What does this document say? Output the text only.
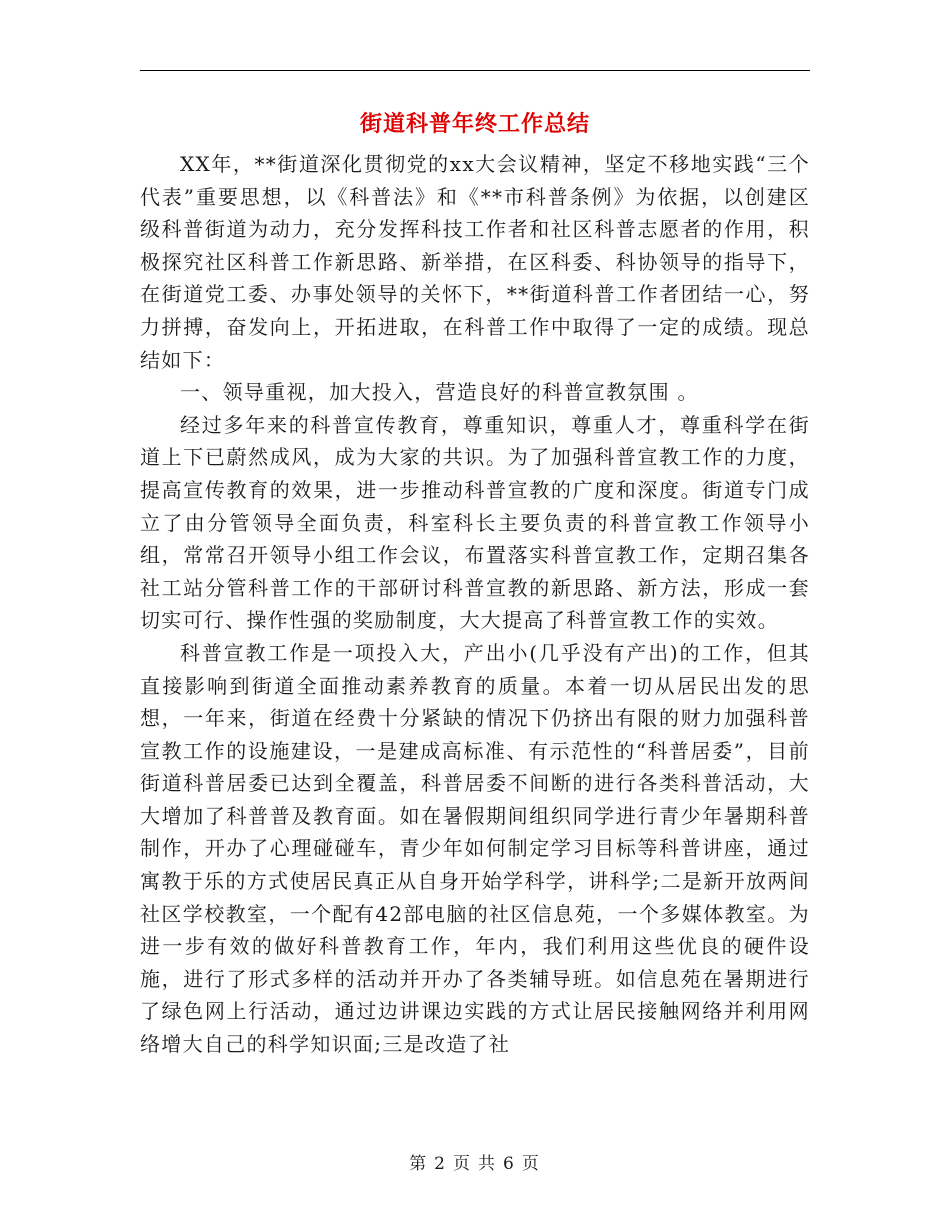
街道科普年终工作总结

XX年，**街道深化贯彻党的xx大会议精神，坚定不移地实践“三个代表”重要思想，以《科普法》和《**市科普条例》为依据，以创建区级科普街道为动力，充分发挥科技工作者和社区科普志愿者的作用，积极探究社区科普工作新思路、新举措，在区科委、科协领导的指导下，在街道党工委、办事处领导的关怀下，**街道科普工作者团结一心，努力拼搏，奋发向上，开拓进取，在科普工作中取得了一定的成绩。现总结如下：

一、领导重视，加大投入，营造良好的科普宣教氛围 。

经过多年来的科普宣传教育，尊重知识，尊重人才，尊重科学在街道上下已蔚然成风，成为大家的共识。为了加强科普宣教工作的力度，提高宣传教育的效果，进一步推动科普宣教的广度和深度。街道专门成立了由分管领导全面负责，科室科长主要负责的科普宣教工作领导小组，常常召开领导小组工作会议，布置落实科普宣教工作，定期召集各社工站分管科普工作的干部研讨科普宣教的新思路、新方法，形成一套切实可行、操作性强的奖励制度，大大提高了科普宣教工作的实效。

科普宣教工作是一项投入大，产出小(几乎没有产出)的工作，但其直接影响到街道全面推动素养教育的质量。本着一切从居民出发的思想，一年来，街道在经费十分紧缺的情况下仍挤出有限的财力加强科普宣教工作的设施建设，一是建成高标准、有示范性的“科普居委”，目前街道科普居委已达到全覆盖，科普居委不间断的进行各类科普活动，大大增加了科普普及教育面。如在暑假期间组织同学进行青少年暑期科普制作，开办了心理碰碰车，青少年如何制定学习目标等科普讲座，通过寓教于乐的方式使居民真正从自身开始学科学，讲科学;二是新开放两间社区学校教室，一个配有42部电脑的社区信息苑，一个多媒体教室。为进一步有效的做好科普教育工作，年内，我们利用这些优良的硬件设施，进行了形式多样的活动并开办了各类辅导班。如信息苑在暑期进行了绿色网上行活动，通过边讲课边实践的方式让居民接触网络并利用网络增大自己的科学知识面;三是改造了社

第 2 页 共 6 页
